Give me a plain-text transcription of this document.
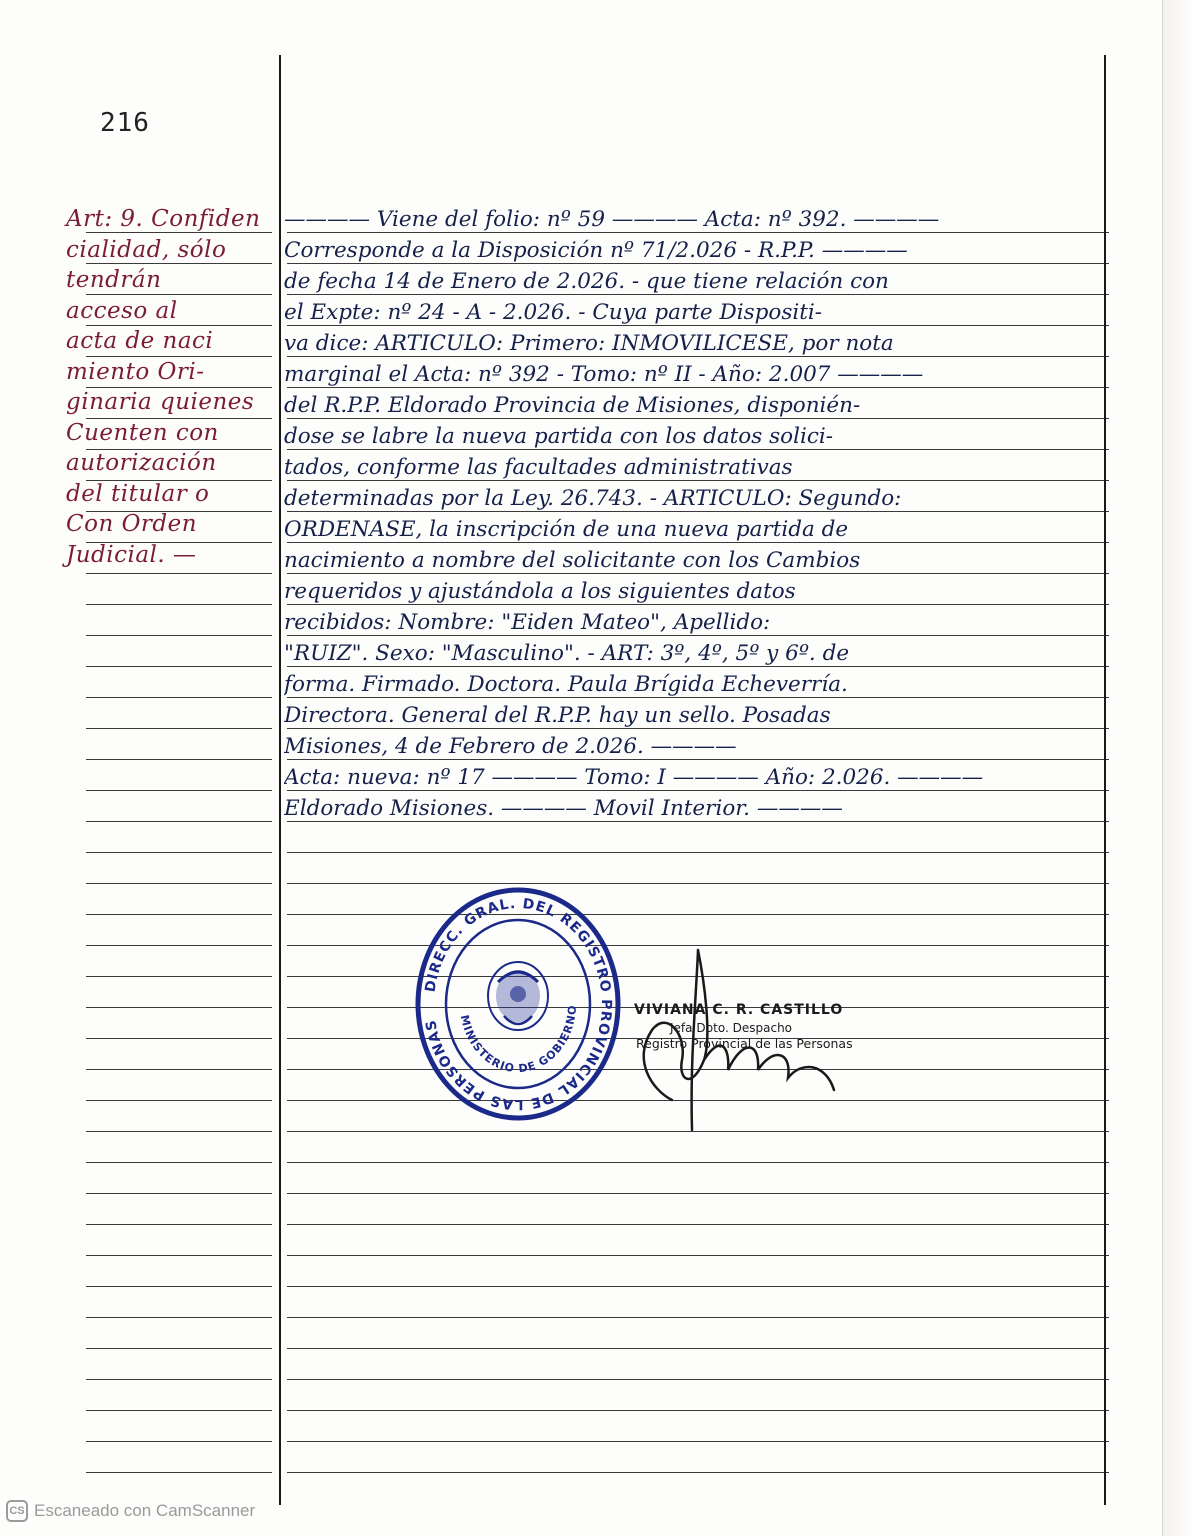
216
Art: 9. Confiden
cialidad, sólo
tendrán
acceso al
acta de naci
miento Ori-
ginaria quienes
Cuenten con
autorización
del titular o
Con Orden
Judicial. —
———— Viene del folio: nº 59 ———— Acta: nº 392. ————
Corresponde a la Disposición nº 71/2.026 - R.P.P. ————
de fecha 14 de Enero de 2.026. - que tiene relación con
el Expte: nº 24 - A - 2.026. - Cuya parte Dispositi-
va dice: ARTICULO: Primero: INMOVILICESE, por nota
marginal el Acta: nº 392 - Tomo: nº II - Año: 2.007 ————
del R.P.P. Eldorado Provincia de Misiones, disponién-
dose se labre la nueva partida con los datos solici-
tados, conforme las facultades administrativas
determinadas por la Ley. 26.743. - ARTICULO: Segundo:
ORDENASE, la inscripción de una nueva partida de
nacimiento a nombre del solicitante con los Cambios
requeridos y ajustándola a los siguientes datos
recibidos: Nombre: "Eiden Mateo", Apellido:
"RUIZ". Sexo: "Masculino". - ART: 3º, 4º, 5º y 6º. de
forma. Firmado. Doctora. Paula Brígida Echeverría.
Directora. General del R.P.P. hay un sello. Posadas
Misiones, 4 de Febrero de 2.026. ————
Acta: nueva: nº 17 ———— Tomo: I ———— Año: 2.026. ————
Eldorado Misiones. ———— Movil Interior. ————
DIRECC. GRAL. DEL REGISTRO PROVINCIAL DE LAS PERSONAS	MINISTERIO DE GOBIERNO	VIVIANA C. R. CASTILLO
Jefa Dpto. Despacho
Registro Provincial de las Personas
CS Escaneado con CamScanner
